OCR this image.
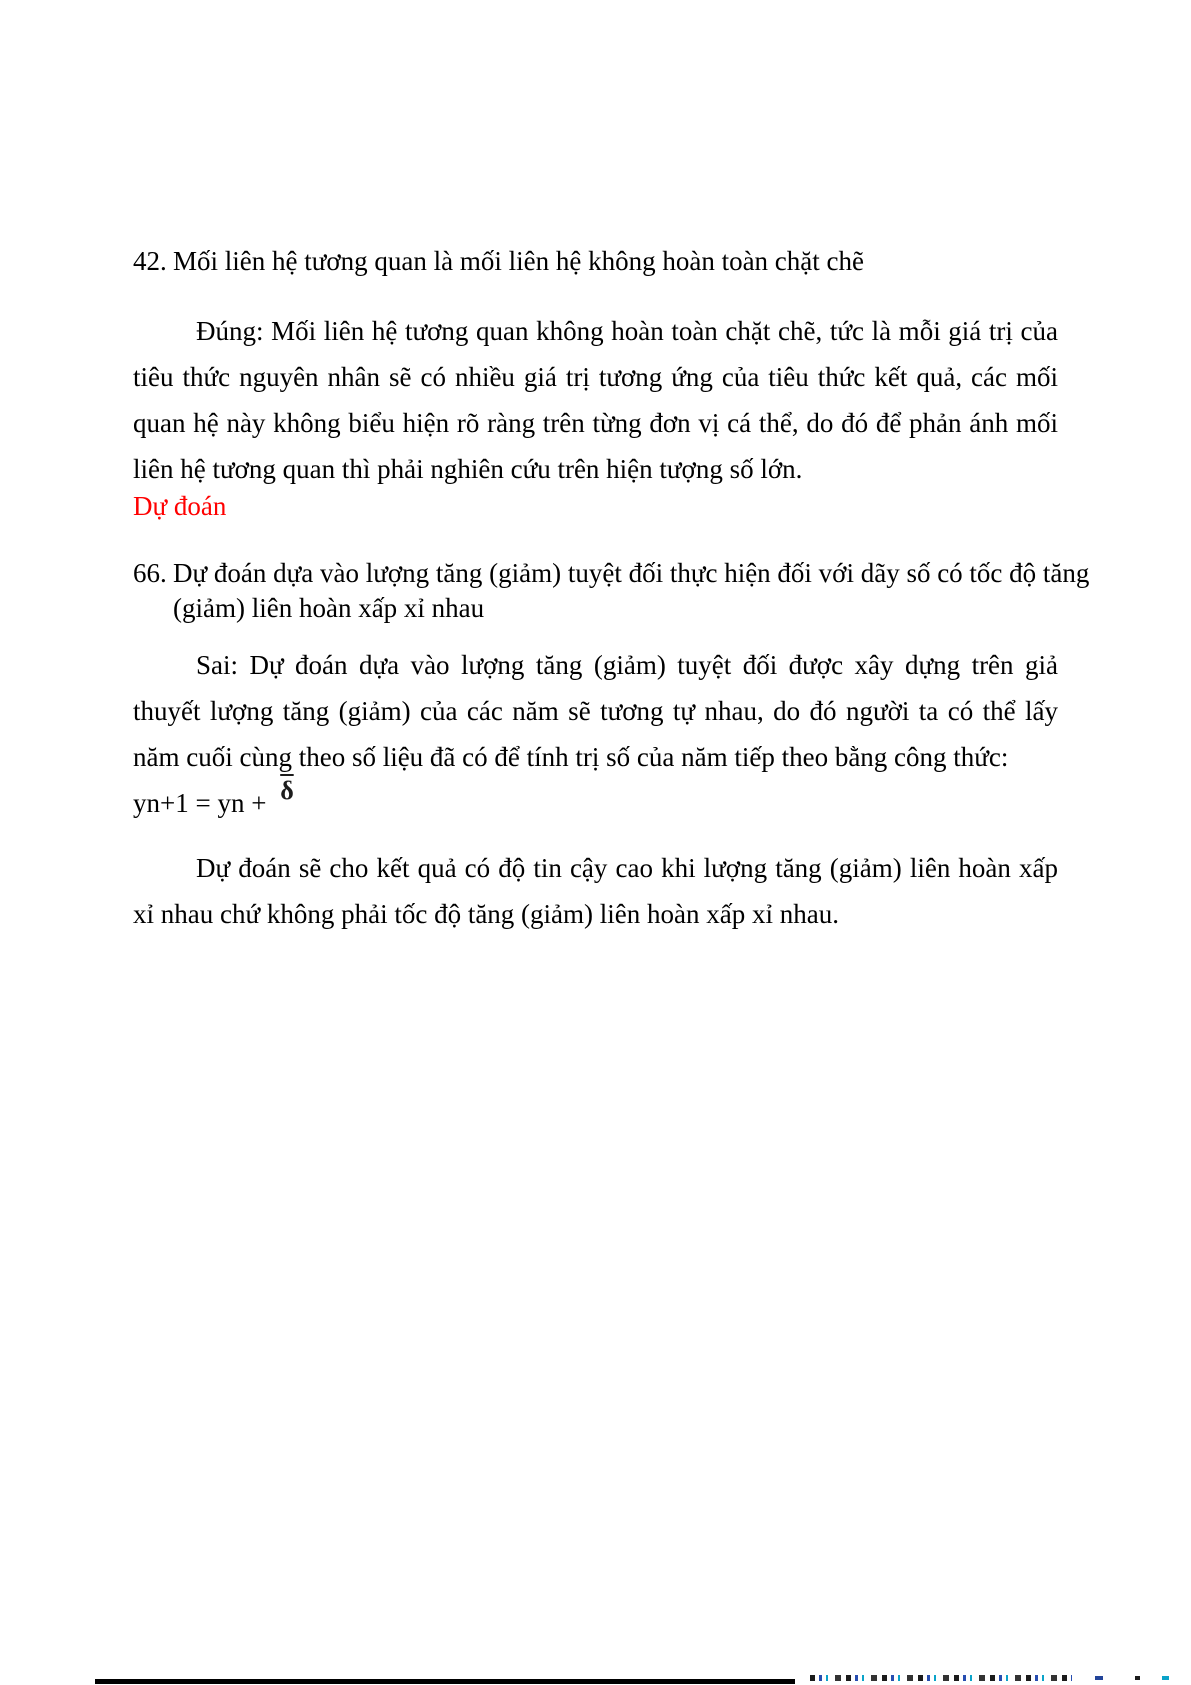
42. Mối liên hệ tương quan là mối liên hệ không hoàn toàn chặt chẽ
Đúng: Mối liên hệ tương quan không hoàn toàn chặt chẽ, tức là mỗi giá trị của tiêu thức nguyên nhân sẽ có nhiều giá trị tương ứng của tiêu thức kết quả, các mối quan hệ này không biểu hiện rõ ràng trên từng đơn vị cá thể, do đó để phản ánh mối liên hệ tương quan thì phải nghiên cứu trên hiện tượng số lớn.
Dự đoán
66. Dự đoán dựa vào lượng tăng (giảm) tuyệt đối thực hiện đối với dãy số có tốc độ tăng (giảm) liên hoàn xấp xỉ nhau
Sai: Dự đoán dựa vào lượng tăng (giảm) tuyệt đối được xây dựng trên giả thuyết lượng tăng (giảm) của các năm sẽ tương tự nhau, do đó người ta có thể lấy năm cuối cùng theo số liệu đã có để tính trị số của năm tiếp theo bằng công thức:
yn+1 = yn + $\overline{\delta}$
Dự đoán sẽ cho kết quả có độ tin cậy cao khi lượng tăng (giảm) liên hoàn xấp xỉ nhau chứ không phải tốc độ tăng (giảm) liên hoàn xấp xỉ nhau.
